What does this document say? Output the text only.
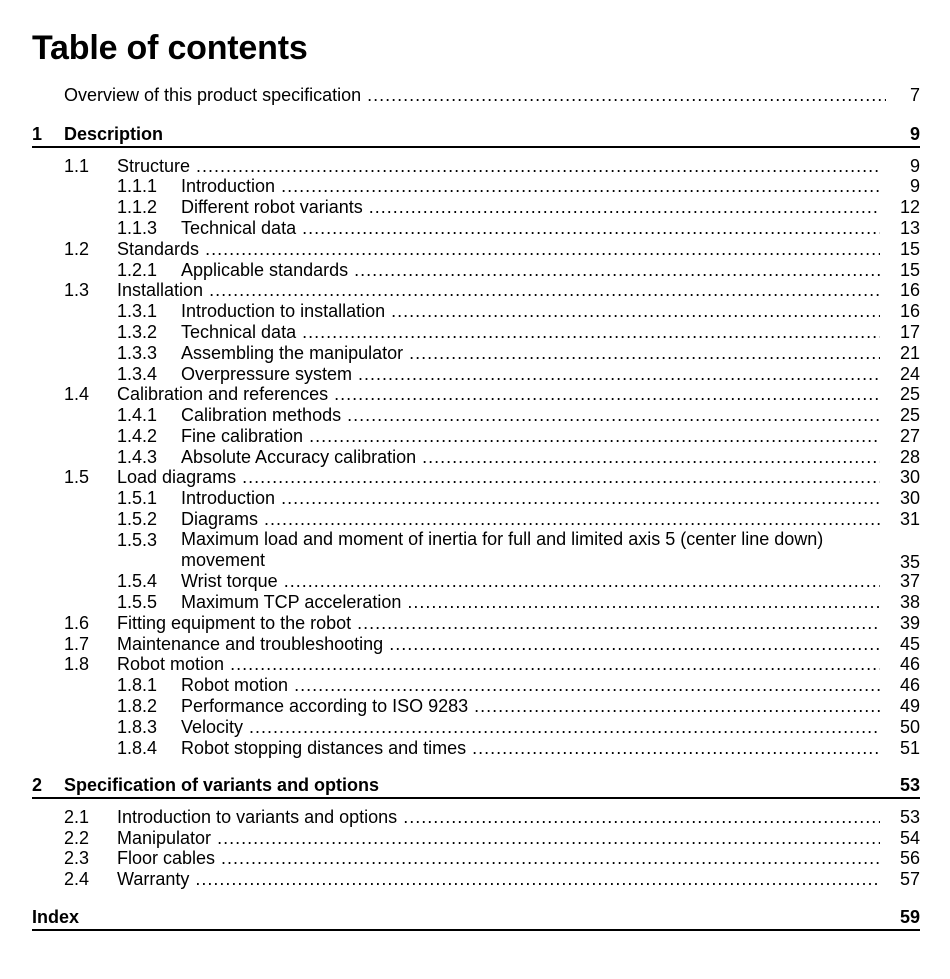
Table of contents
Overview of this product specification .....	7
1 Description	9
1.1 Structure .....	9
1.1.1 Introduction .....	9
1.1.2 Different robot variants .....	12
1.1.3 Technical data .....	13
1.2 Standards .....	15
1.2.1 Applicable standards .....	15
1.3 Installation .....	16
1.3.1 Introduction to installation .....	16
1.3.2 Technical data .....	17
1.3.3 Assembling the manipulator .....	21
1.3.4 Overpressure system .....	24
1.4 Calibration and references .....	25
1.4.1 Calibration methods .....	25
1.4.2 Fine calibration .....	27
1.4.3 Absolute Accuracy calibration .....	28
1.5 Load diagrams .....	30
1.5.1 Introduction .....	30
1.5.2 Diagrams .....	31
1.5.3 Maximum load and moment of inertia for full and limited axis 5 (center line down) movement	35
1.5.4 Wrist torque .....	37
1.5.5 Maximum TCP acceleration .....	38
1.6 Fitting equipment to the robot .....	39
1.7 Maintenance and troubleshooting .....	45
1.8 Robot motion .....	46
1.8.1 Robot motion .....	46
1.8.2 Performance according to ISO 9283 .....	49
1.8.3 Velocity .....	50
1.8.4 Robot stopping distances and times .....	51
2 Specification of variants and options	53
2.1 Introduction to variants and options .....	53
2.2 Manipulator .....	54
2.3 Floor cables .....	56
2.4 Warranty .....	57
Index	59
